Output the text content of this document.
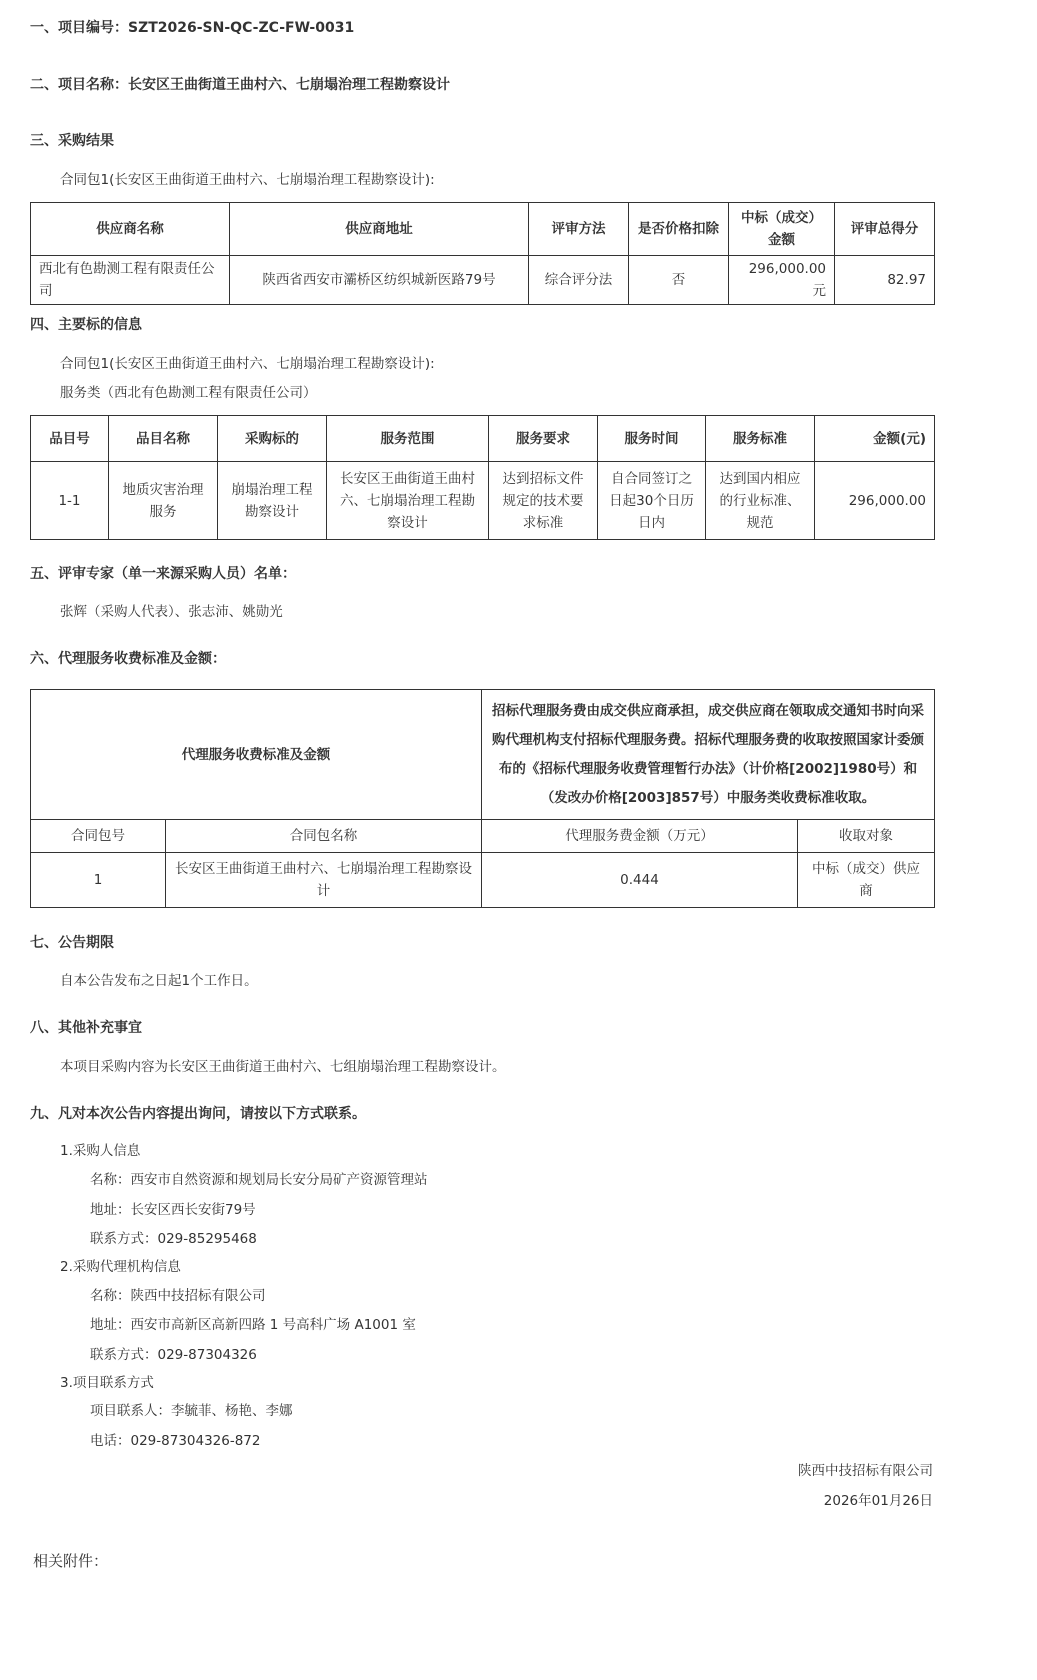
一、项目编号：SZT2026-SN-QC-ZC-FW-0031
二、项目名称：长安区王曲街道王曲村六、七崩塌治理工程勘察设计
三、采购结果
合同包1(长安区王曲街道王曲村六、七崩塌治理工程勘察设计):
供应商名称	供应商地址	评审方法	是否价格扣除	中标（成交）金额	评审总得分
西北有色勘测工程有限责任公司	陕西省西安市灞桥区纺织城新医路79号	综合评分法	否	296,000.00元	82.97
四、主要标的信息
合同包1(长安区王曲街道王曲村六、七崩塌治理工程勘察设计):
服务类（西北有色勘测工程有限责任公司）
品目号	品目名称	采购标的	服务范围	服务要求	服务时间	服务标准	金额(元)
1-1	地质灾害治理服务	崩塌治理工程勘察设计	长安区王曲街道王曲村六、七崩塌治理工程勘察设计	达到招标文件规定的技术要求标准	自合同签订之日起30个日历日内	达到国内相应的行业标准、规范	296,000.00
五、评审专家（单一来源采购人员）名单：
张辉（采购人代表）、张志沛、姚勋光
六、代理服务收费标准及金额：
代理服务收费标准及金额		招标代理服务费由成交供应商承担，成交供应商在领取成交通知书时向采购代理机构支付招标代理服务费。招标代理服务费的收取按照国家计委颁布的《招标代理服务收费管理暂行办法》（计价格[2002]1980号）和（发改办价格[2003]857号）中服务类收费标准收取。	
合同包号	合同包名称	代理服务费金额（万元）	收取对象
1	长安区王曲街道王曲村六、七崩塌治理工程勘察设计	0.444	中标（成交）供应商
七、公告期限
自本公告发布之日起1个工作日。
八、其他补充事宜
本项目采购内容为长安区王曲街道王曲村六、七组崩塌治理工程勘察设计。
九、凡对本次公告内容提出询问，请按以下方式联系。
1.采购人信息
名称：西安市自然资源和规划局长安分局矿产资源管理站
地址：长安区西长安街79号
联系方式：029-85295468
2.采购代理机构信息
名称：陕西中技招标有限公司
地址：西安市高新区高新四路 1 号高科广场 A1001 室
联系方式：029-87304326
3.项目联系方式
项目联系人：李毓菲、杨艳、李娜
电话：029-87304326-872
陕西中技招标有限公司
2026年01月26日
相关附件：
